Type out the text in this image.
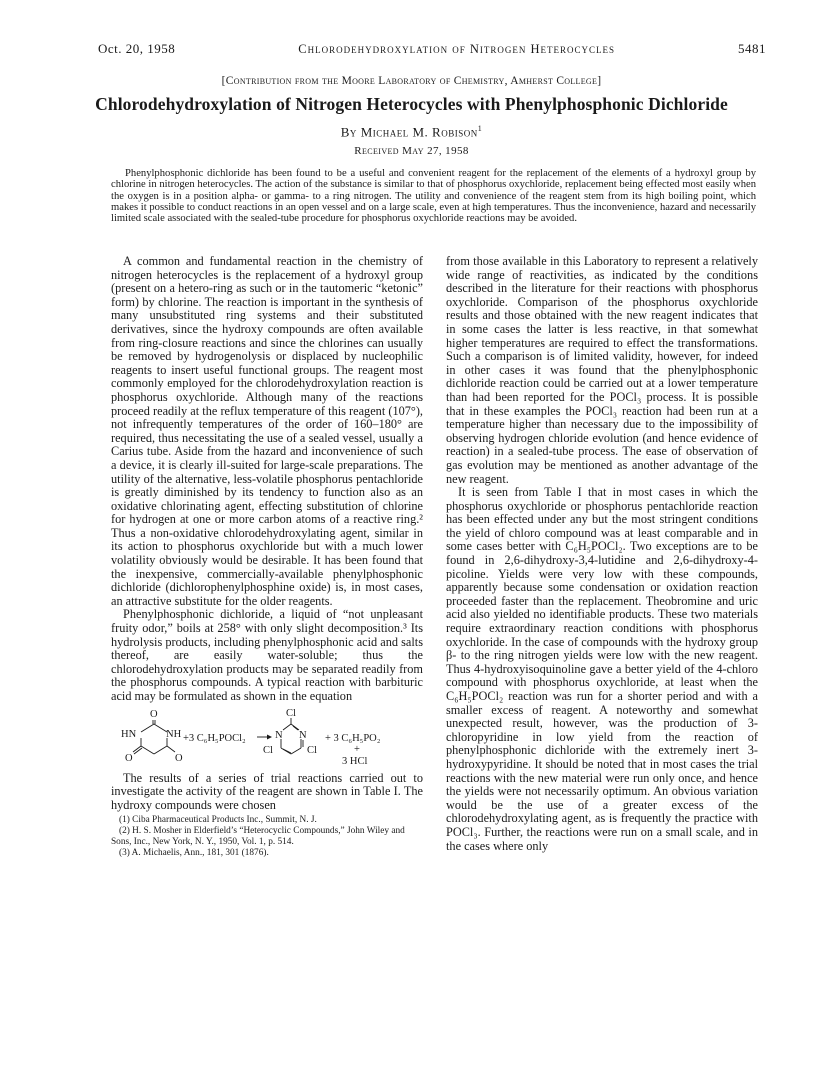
Oct. 20, 1958	Chlorodehydroxylation of Nitrogen Heterocycles	5481
[Contribution from the Moore Laboratory of Chemistry, Amherst College]
Chlorodehydroxylation of Nitrogen Heterocycles with Phenylphosphonic Dichloride
By Michael M. Robison$^1$
Received May 27, 1958
Phenylphosphonic dichloride has been found to be a useful and convenient reagent for the replacement of the elements of a hydroxyl group by chlorine in nitrogen heterocycles. The action of the substance is similar to that of phosphorus oxychloride, replacement being effected most easily when the oxygen is in a position alpha- or gamma- to a ring nitrogen. The utility and convenience of the reagent stem from its high boiling point, which makes it possible to conduct reactions in an open vessel and on a large scale, even at high temperatures. Thus the inconvenience, hazard and necessarily limited scale associated with the sealed-tube procedure for phosphorus oxychloride reactions may be avoided.

A common and fundamental reaction in the chemistry of nitrogen heterocycles is the replacement of a hydroxyl group (present on a hetero-ring as such or in the tautomeric “ketonic” form) by chlorine. The reaction is important in the synthesis of many unsubstituted ring systems and their substituted derivatives, since the hydroxy compounds are often available from ring-closure reactions and since the chlorines can usually be removed by hydrogenolysis or displaced by nucleophilic reagents to insert useful functional groups. The reagent most commonly employed for the chlorodehydroxylation reaction is phosphorus oxychloride. Although many of the reactions proceed readily at the reflux temperature of this reagent (107°), not infrequently temperatures of the order of 160–180° are required, thus necessitating the use of a sealed vessel, usually a Carius tube. Aside from the hazard and inconvenience of such a device, it is clearly ill-suited for large-scale preparations. The utility of the alternative, less-volatile phosphorus pentachloride is greatly diminished by its tendency to function also as an oxidative chlorinating agent, effecting substitution of chlorine for hydrogen at one or more carbon atoms of a reactive ring.² Thus a non-oxidative chlorodehydroxylating agent, similar in its action to phosphorus oxychloride but with a much lower volatility obviously would be desirable. It has been found that the inexpensive, commercially-available phenylphosphonic dichloride (dichlorophenylphosphine oxide) is, in most cases, an attractive substitute for the older reagents.

Phenylphosphonic dichloride, a liquid of “not unpleasant fruity odor,” boils at 258° with only slight decomposition.³ Its hydrolysis products, including phenylphosphonic acid and salts thereof, are easily water-soluble; thus the chlorodehydroxylation products may be separated readily from the phosphorus compounds. A typical reaction with barbituric acid may be formulated as shown in the equation

O
HN	NH
O	O
+3 C₆H₅POCl₂
Cl
N N
Cl	Cl
+ 3 C₆H₅PO₂
+
3 HCl

The results of a series of trial reactions carried out to investigate the activity of the reagent are shown in Table I. The hydroxy compounds were chosen

(1) Ciba Pharmaceutical Products Inc., Summit, N. J.
(2) H. S. Mosher in Elderfield’s “Heterocyclic Compounds,” John Wiley and Sons, Inc., New York, N. Y., 1950, Vol. 1, p. 514.
(3) A. Michaelis, Ann., 181, 301 (1876).

from those available in this Laboratory to represent a relatively wide range of reactivities, as indicated by the conditions described in the literature for their reactions with phosphorus oxychloride. Comparison of the phosphorus oxychloride results and those obtained with the new reagent indicates that in some cases the latter is less reactive, in that somewhat higher temperatures are required to effect the transformations. Such a comparison is of limited validity, however, for indeed in other cases it was found that the phenylphosphonic dichloride reaction could be carried out at a lower temperature than had been reported for the POCl₃ process. It is possible that in these examples the POCl₃ reaction had been run at a temperature higher than necessary due to the impossibility of observing hydrogen chloride evolution (and hence evidence of reaction) in a sealed-tube process. The ease of observation of gas evolution may be mentioned as another advantage of the new reagent.

It is seen from Table I that in most cases in which the phosphorus oxychloride or phosphorus pentachloride reaction has been effected under any but the most stringent conditions the yield of chloro compound was at least comparable and in some cases better with C₆H₅POCl₂. Two exceptions are to be found in 2,6-dihydroxy-3,4-lutidine and 2,6-dihydroxy-4-picoline. Yields were very low with these compounds, apparently because some condensation or oxidation reaction proceeded faster than the replacement. Theobromine and uric acid also yielded no identifiable products. These two materials require extraordinary reaction conditions with phosphorus oxychloride. In the case of compounds with the hydroxy group β- to the ring nitrogen yields were low with the new reagent. Thus 4-hydroxyisoquinoline gave a better yield of the 4-chloro compound with phosphorus oxychloride, at least when the C₆H₅POCl₂ reaction was run for a shorter period and with a smaller excess of reagent. A noteworthy and somewhat unexpected result, however, was the production of 3-chloropyridine in low yield from the reaction of phenylphosphonic dichloride with the extremely inert 3-hydroxypyridine. It should be noted that in most cases the trial reactions with the new material were run only once, and hence the yields were not necessarily optimum. An obvious variation would be the use of a greater excess of the chlorodehydroxylating agent, as is frequently the practice with POCl₃. Further, the reactions were run on a small scale, and in the cases where only
